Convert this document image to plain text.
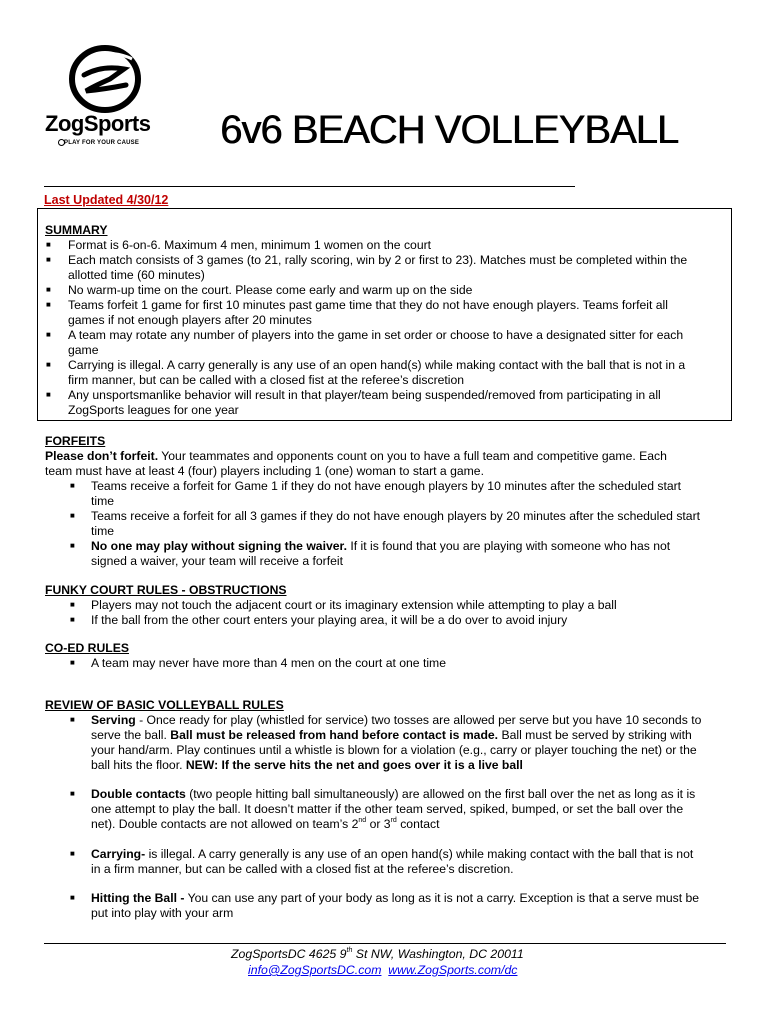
ZogSports
PLAY FOR YOUR CAUSE 6v6 BEACH VOLLEYBALL
Last Updated 4/30/12
SUMMARY
■ Format is 6-on-6. Maximum 4 men, minimum 1 women on the court
■ Each match consists of 3 games (to 21, rally scoring, win by 2 or first to 23). Matches must be completed within the
allotted time (60 minutes)
■ No warm-up time on the court. Please come early and warm up on the side
■ Teams forfeit 1 game for first 10 minutes past game time that they do not have enough players. Teams forfeit all
games if not enough players after 20 minutes
■ A team may rotate any number of players into the game in set order or choose to have a designated sitter for each
game
■ Carrying is illegal. A carry generally is any use of an open hand(s) while making contact with the ball that is not in a
firm manner, but can be called with a closed fist at the referee’s discretion
■ Any unsportsmanlike behavior will result in that player/team being suspended/removed from participating in all
ZogSports leagues for one year
FORFEITS
Please don’t forfeit. Your teammates and opponents count on you to have a full team and competitive game. Each
team must have at least 4 (four) players including 1 (one) woman to start a game.
■ Teams receive a forfeit for Game 1 if they do not have enough players by 10 minutes after the scheduled start
time
■ Teams receive a forfeit for all 3 games if they do not have enough players by 20 minutes after the scheduled start
time
■ No one may play without signing the waiver. If it is found that you are playing with someone who has not
signed a waiver, your team will receive a forfeit
FUNKY COURT RULES - OBSTRUCTIONS
■ Players may not touch the adjacent court or its imaginary extension while attempting to play a ball
■ If the ball from the other court enters your playing area, it will be a do over to avoid injury
CO-ED RULES
■ A team may never have more than 4 men on the court at one time
REVIEW OF BASIC VOLLEYBALL RULES
■ Serving - Once ready for play (whistled for service) two tosses are allowed per serve but you have 10 seconds to
serve the ball. Ball must be released from hand before contact is made. Ball must be served by striking with
your hand/arm. Play continues until a whistle is blown for a violation (e.g., carry or player touching the net) or the
ball hits the floor. NEW: If the serve hits the net and goes over it is a live ball
■ Double contacts (two people hitting ball simultaneously) are allowed on the first ball over the net as long as it is
one attempt to play the ball. It doesn’t matter if the other team served, spiked, bumped, or set the ball over the
net). Double contacts are not allowed on team’s 2nd or 3rd contact
■ Carrying- is illegal. A carry generally is any use of an open hand(s) while making contact with the ball that is not
in a firm manner, but can be called with a closed fist at the referee’s discretion.
■ Hitting the Ball - You can use any part of your body as long as it is not a carry. Exception is that a serve must be
put into play with your arm
ZogSportsDC 4625 9th St NW, Washington, DC 20011
info@ZogSportsDC.com www.ZogSports.com/dc
